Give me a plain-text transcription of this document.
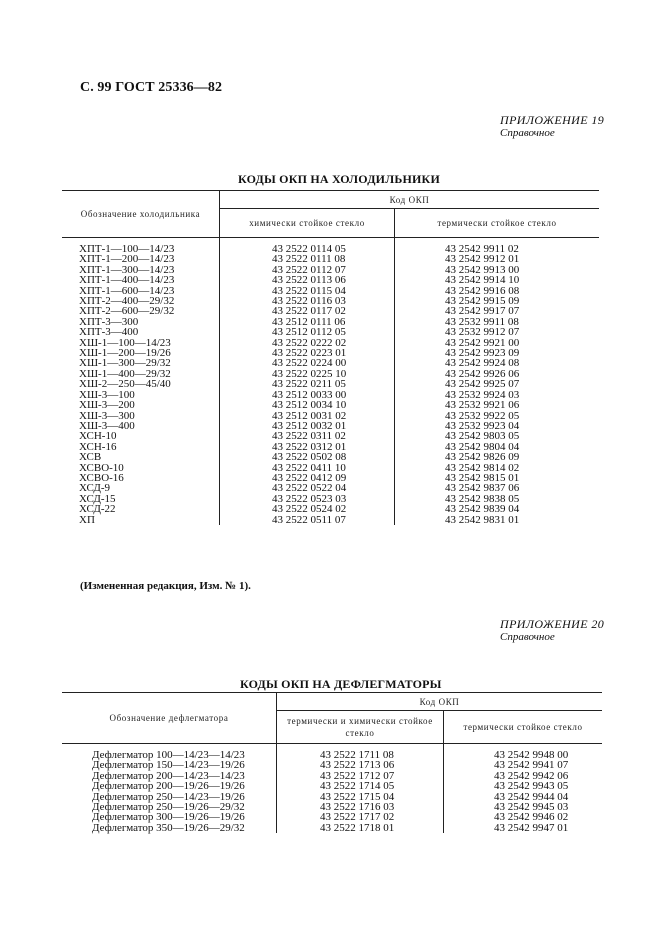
С. 99 ГОСТ 25336—82
ПРИЛОЖЕНИЕ 19
Справочное
КОДЫ ОКП НА ХОЛОДИЛЬНИКИ
Обозначение холодильника	Код ОКП	
	химически стойкое стекло	термически стойкое стекло
ХПТ-1—100—14/23	43 2522 0114 05	43 2542 9911 02
ХПТ-1—200—14/23	43 2522 0111 08	43 2542 9912 01
ХПТ-1—300—14/23	43 2522 0112 07	43 2542 9913 00
ХПТ-1—400—14/23	43 2522 0113 06	43 2542 9914 10
ХПТ-1—600—14/23	43 2522 0115 04	43 2542 9916 08
ХПТ-2—400—29/32	43 2522 0116 03	43 2542 9915 09
ХПТ-2—600—29/32	43 2522 0117 02	43 2542 9917 07
ХПТ-3—300	43 2512 0111 06	43 2532 9911 08
ХПТ-3—400	43 2512 0112 05	43 2532 9912 07
ХШ-1—100—14/23	43 2522 0222 02	43 2542 9921 00
ХШ-1—200—19/26	43 2522 0223 01	43 2542 9923 09
ХШ-1—300—29/32	43 2522 0224 00	43 2542 9924 08
ХШ-1—400—29/32	43 2522 0225 10	43 2542 9926 06
ХШ-2—250—45/40	43 2522 0211 05	43 2542 9925 07
ХШ-3—100	43 2512 0033 00	43 2532 9924 03
ХШ-3—200	43 2512 0034 10	43 2532 9921 06
ХШ-3—300	43 2512 0031 02	43 2532 9922 05
ХШ-3—400	43 2512 0032 01	43 2532 9923 04
ХСН-10	43 2522 0311 02	43 2542 9803 05
ХСН-16	43 2522 0312 01	43 2542 9804 04
ХСВ	43 2522 0502 08	43 2542 9826 09
ХСВО-10	43 2522 0411 10	43 2542 9814 02
ХСВО-16	43 2522 0412 09	43 2542 9815 01
ХСД-9	43 2522 0522 04	43 2542 9837 06
ХСД-15	43 2522 0523 03	43 2542 9838 05
ХСД-22	43 2522 0524 02	43 2542 9839 04
ХП	43 2522 0511 07	43 2542 9831 01
(Измененная редакция, Изм. № 1).
ПРИЛОЖЕНИЕ 20
Справочное
КОДЫ ОКП НА ДЕФЛЕГМАТОРЫ
Обозначение дефлегматора	Код ОКП	
	термически и химически стойкое стекло	термически стойкое стекло
Дефлегматор 100—14/23—14/23	43 2522 1711 08	43 2542 9948 00
Дефлегматор 150—14/23—19/26	43 2522 1713 06	43 2542 9941 07
Дефлегматор 200—14/23—14/23	43 2522 1712 07	43 2542 9942 06
Дефлегматор 200—19/26—19/26	43 2522 1714 05	43 2542 9943 05
Дефлегматор 250—14/23—19/26	43 2522 1715 04	43 2542 9944 04
Дефлегматор 250—19/26—29/32	43 2522 1716 03	43 2542 9945 03
Дефлегматор 300—19/26—19/26	43 2522 1717 02	43 2542 9946 02
Дефлегматор 350—19/26—29/32	43 2522 1718 01	43 2542 9947 01
